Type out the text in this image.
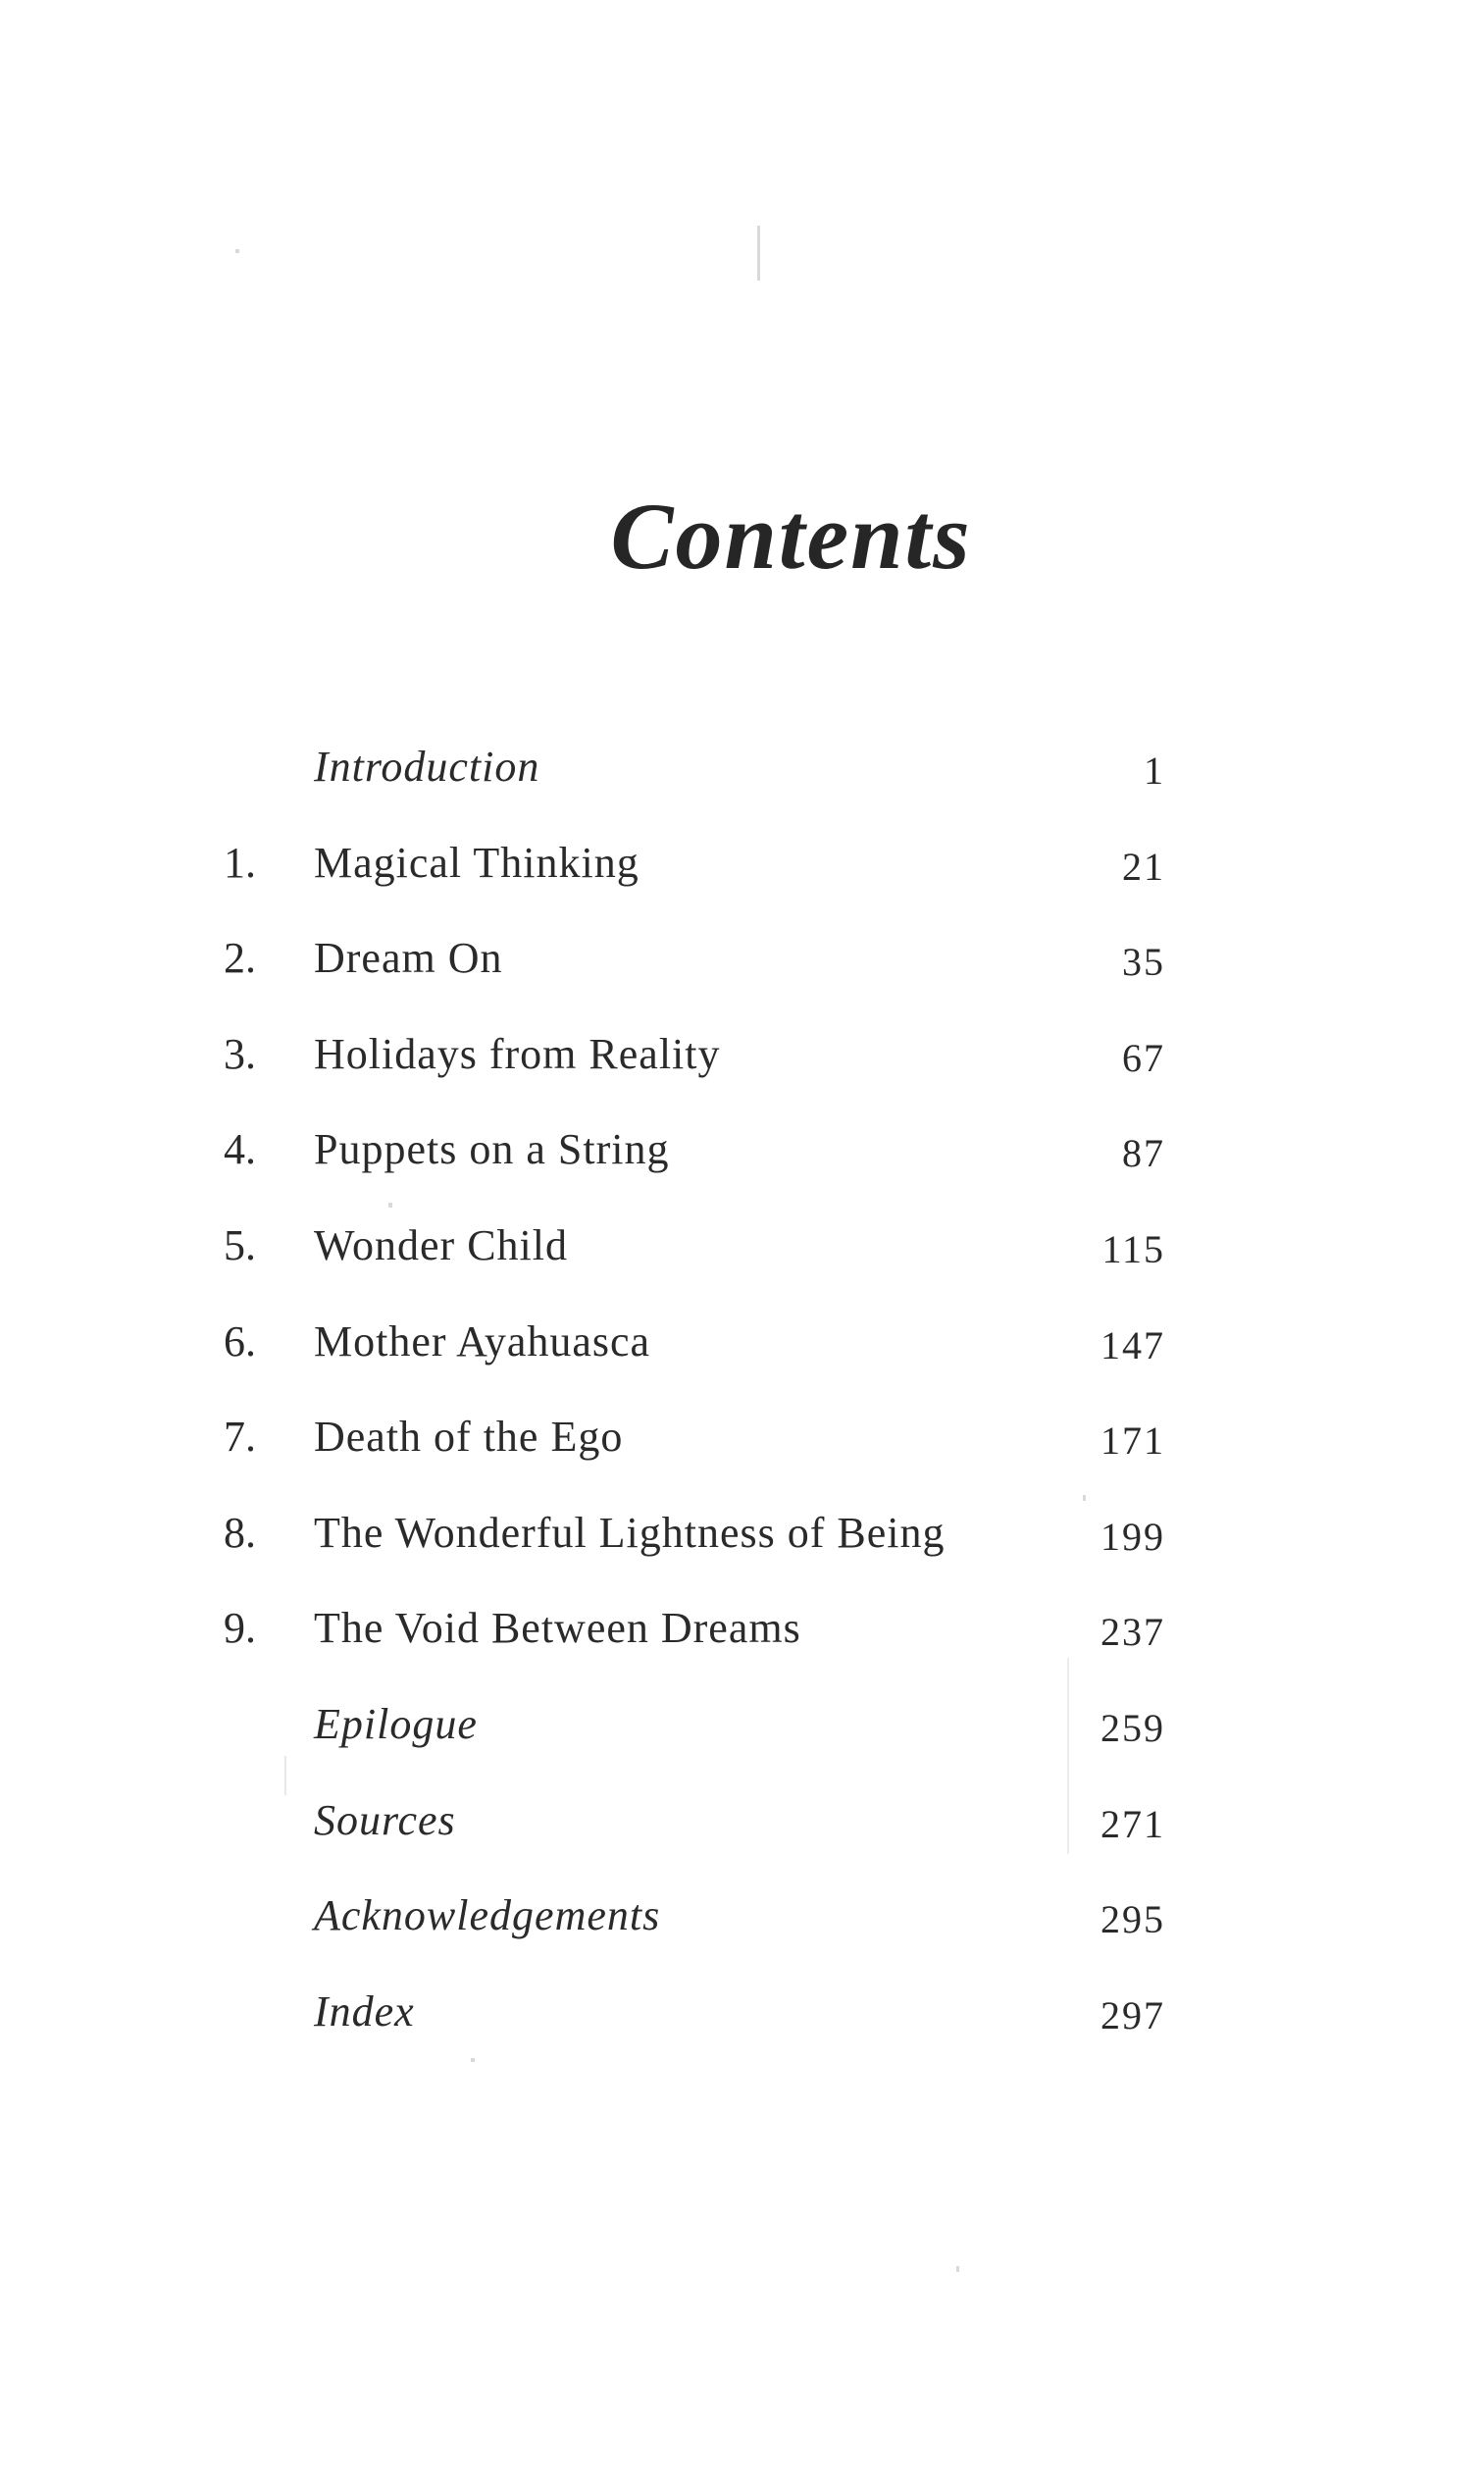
Contents
Introduction	1
1.	Magical Thinking	21
2.	Dream On	35
3.	Holidays from Reality	67
4.	Puppets on a String	87
5.	Wonder Child	115
6.	Mother Ayahuasca	147
7.	Death of the Ego	171
8.	The Wonderful Lightness of Being	199
9.	The Void Between Dreams	237
Epilogue	259
Sources	271
Acknowledgements	295
Index	297
